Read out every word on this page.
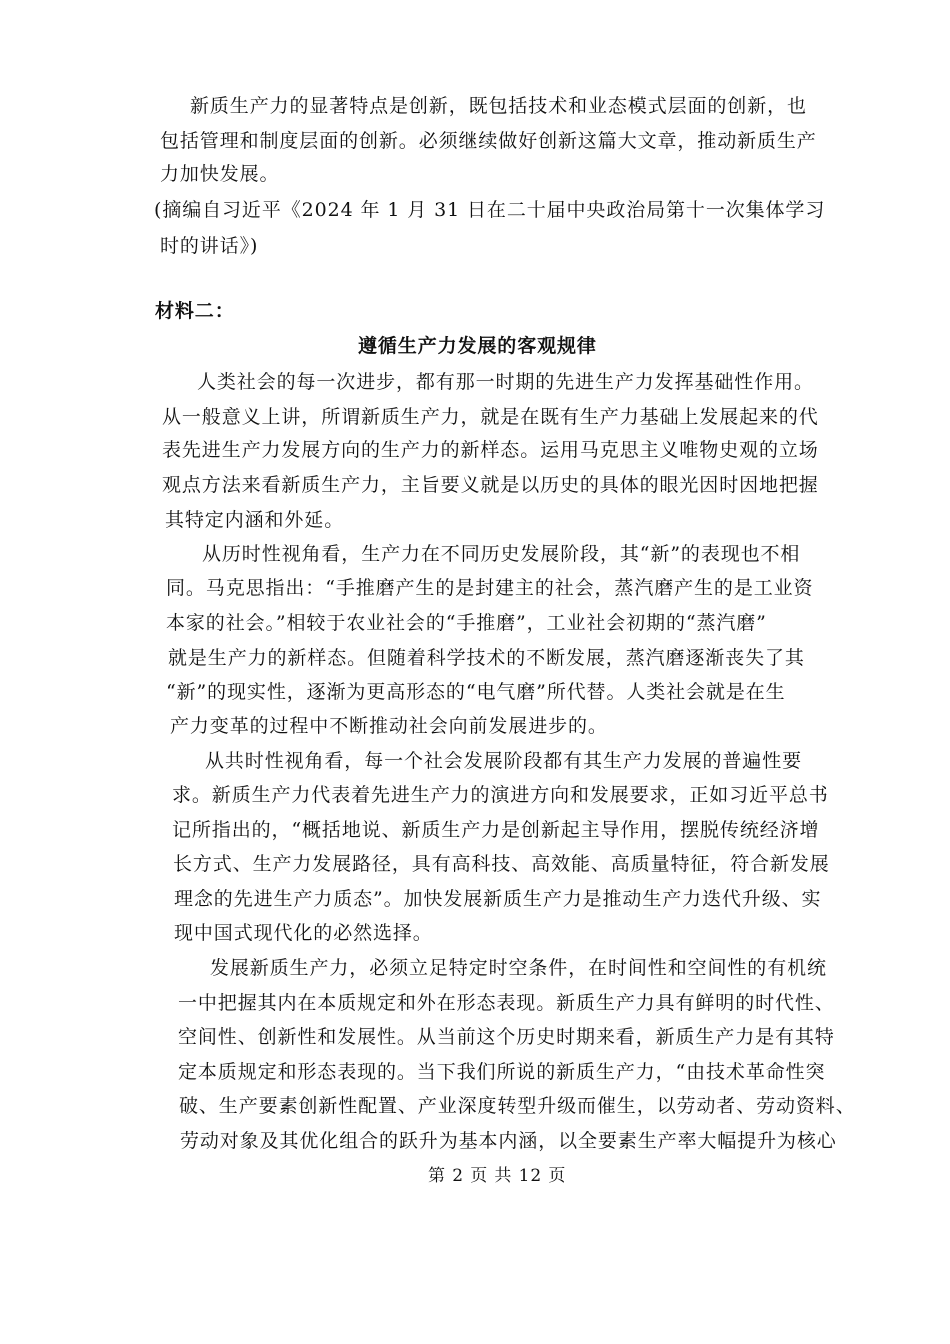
新质生产力的显著特点是创新，既包括技术和业态模式层面的创新，也
包括管理和制度层面的创新。必须继续做好创新这篇大文章，推动新质生产
力加快发展。
(摘编自习近平《2024 年 1 月 31 日在二十届中央政治局第十一次集体学习
时的讲话》)
材料二：
遵循生产力发展的客观规律
人类社会的每一次进步，都有那一时期的先进生产力发挥基础性作用。
从一般意义上讲，所谓新质生产力，就是在既有生产力基础上发展起来的代
表先进生产力发展方向的生产力的新样态。运用马克思主义唯物史观的立场
观点方法来看新质生产力，主旨要义就是以历史的具体的眼光因时因地把握
其特定内涵和外延。
从历时性视角看，生产力在不同历史发展阶段，其“新”的表现也不相
同。马克思指出：“手推磨产生的是封建主的社会，蒸汽磨产生的是工业资
本家的社会。”相较于农业社会的“手推磨”，工业社会初期的“蒸汽磨”
就是生产力的新样态。但随着科学技术的不断发展，蒸汽磨逐渐丧失了其
“新”的现实性，逐渐为更高形态的“电气磨”所代替。人类社会就是在生
产力变革的过程中不断推动社会向前发展进步的。
从共时性视角看，每一个社会发展阶段都有其生产力发展的普遍性要
求。新质生产力代表着先进生产力的演进方向和发展要求，正如习近平总书
记所指出的，“概括地说、新质生产力是创新起主导作用，摆脱传统经济增
长方式、生产力发展路径，具有高科技、高效能、高质量特征，符合新发展
理念的先进生产力质态”。加快发展新质生产力是推动生产力迭代升级、实
现中国式现代化的必然选择。
发展新质生产力，必须立足特定时空条件，在时间性和空间性的有机统
一中把握其内在本质规定和外在形态表现。新质生产力具有鲜明的时代性、
空间性、创新性和发展性。从当前这个历史时期来看，新质生产力是有其特
定本质规定和形态表现的。当下我们所说的新质生产力，“由技术革命性突
破、生产要素创新性配置、产业深度转型升级而催生，以劳动者、劳动资料、
劳动对象及其优化组合的跃升为基本内涵，以全要素生产率大幅提升为核心
第 2 页 共 12 页
